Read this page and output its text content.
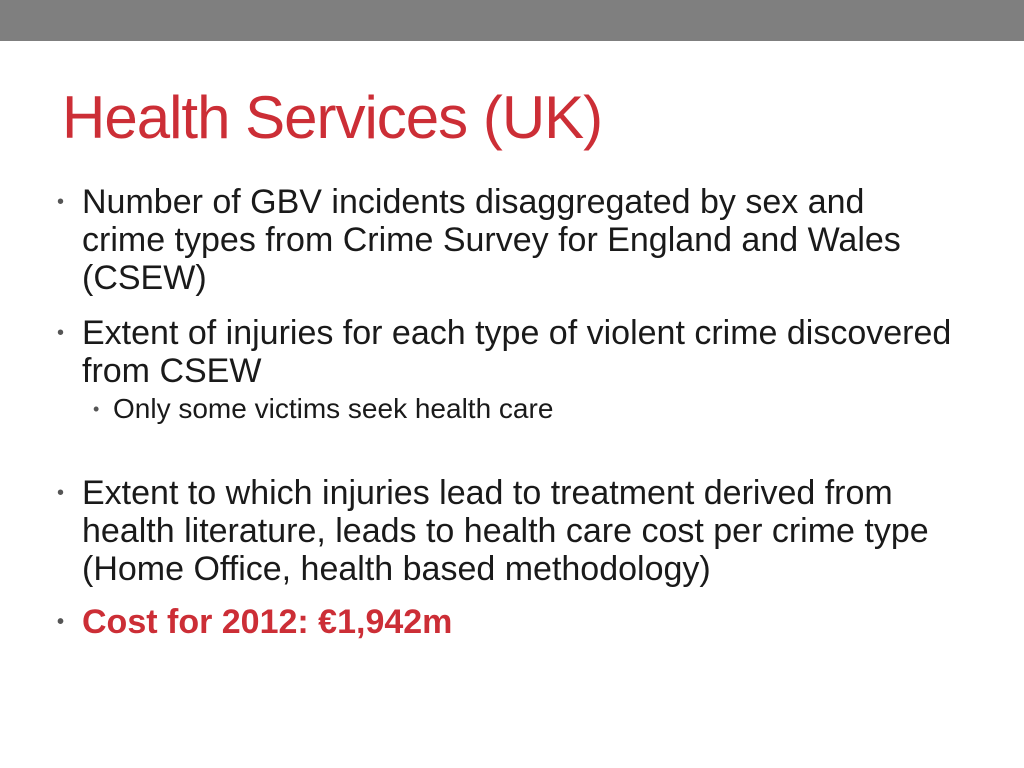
Health Services (UK)
• Number of GBV incidents disaggregated by sex and crime types from Crime Survey for England and Wales (CSEW)
• Extent of injuries for each type of violent crime discovered from CSEW
• Only some victims seek health care
• Extent to which injuries lead to treatment derived from health literature, leads to health care cost per crime type (Home Office, health based methodology)
• Cost for 2012: €1,942m
